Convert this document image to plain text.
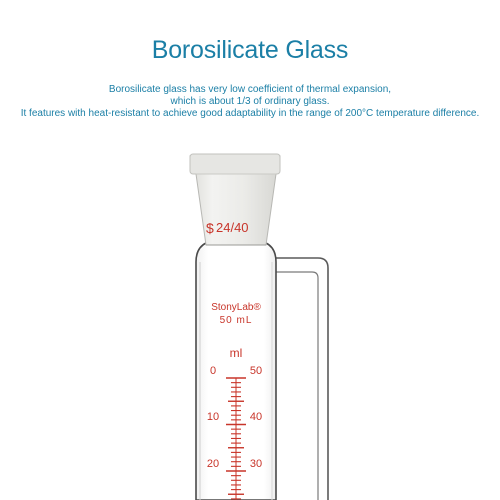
Borosilicate Glass
Borosilicate glass has very low coefficient of thermal expansion,
which is about 1/3 of ordinary glass.
It features with heat-resistant to achieve good adaptability in the range of 200°C temperature difference.
$ 24/40
StonyLab®
50 mL
ml
0
10
20
50
40
30
